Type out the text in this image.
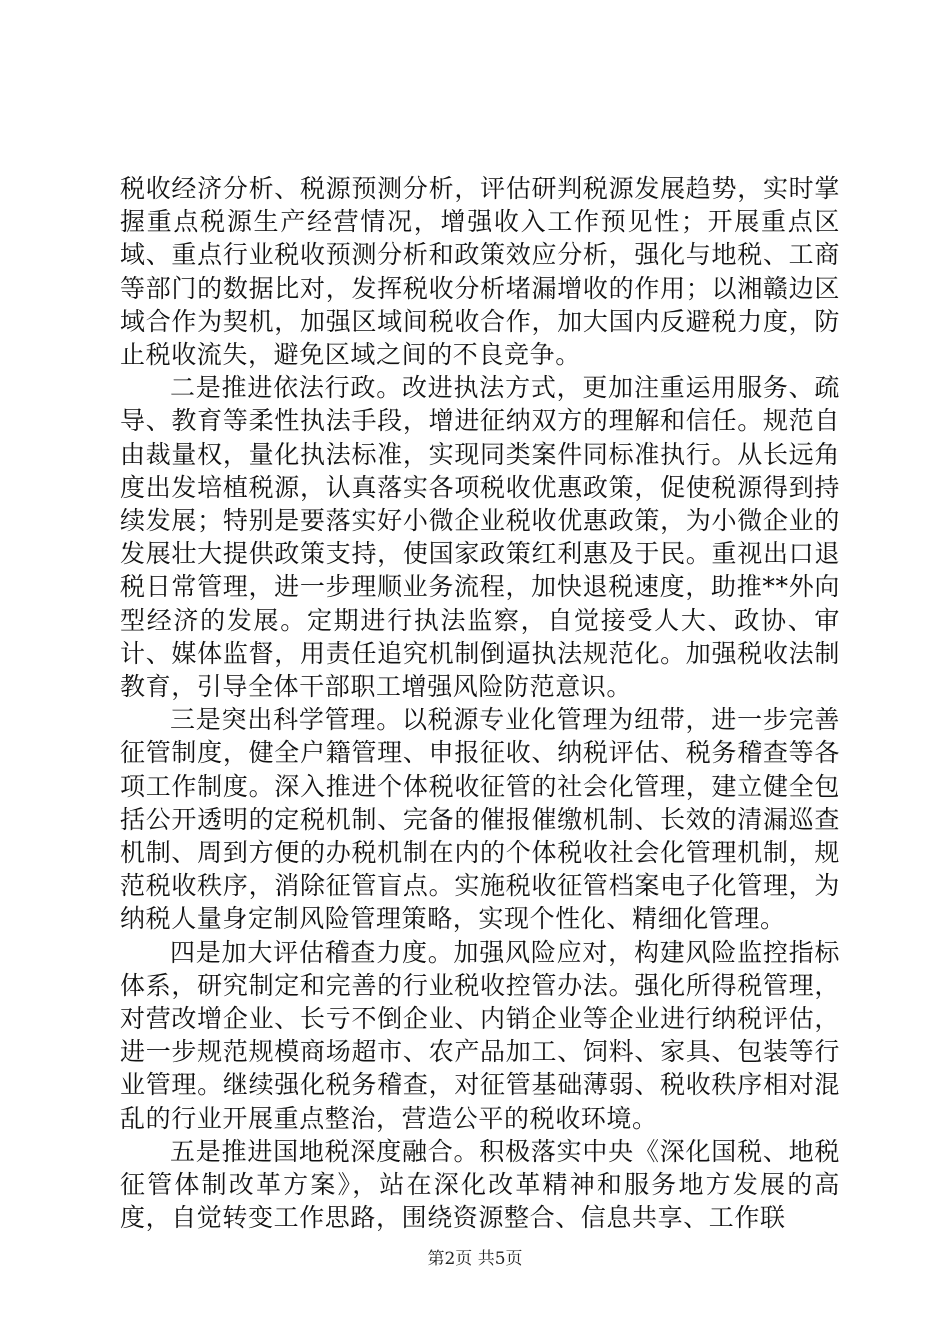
税收经济分析、税源预测分析，评估研判税源发展趋势，实时掌握重点税源生产经营情况，增强收入工作预见性；开展重点区域、重点行业税收预测分析和政策效应分析，强化与地税、工商等部门的数据比对，发挥税收分析堵漏增收的作用；以湘赣边区域合作为契机，加强区域间税收合作，加大国内反避税力度，防止税收流失，避免区域之间的不良竞争。

二是推进依法行政。改进执法方式，更加注重运用服务、疏导、教育等柔性执法手段，增进征纳双方的理解和信任。规范自由裁量权，量化执法标准，实现同类案件同标准执行。从长远角度出发培植税源，认真落实各项税收优惠政策，促使税源得到持续发展；特别是要落实好小微企业税收优惠政策，为小微企业的发展壮大提供政策支持，使国家政策红利惠及于民。重视出口退税日常管理，进一步理顺业务流程，加快退税速度，助推**外向型经济的发展。定期进行执法监察，自觉接受人大、政协、审计、媒体监督，用责任追究机制倒逼执法规范化。加强税收法制教育，引导全体干部职工增强风险防范意识。

三是突出科学管理。以税源专业化管理为纽带，进一步完善征管制度，健全户籍管理、申报征收、纳税评估、税务稽查等各项工作制度。深入推进个体税收征管的社会化管理，建立健全包括公开透明的定税机制、完备的催报催缴机制、长效的清漏巡查机制、周到方便的办税机制在内的个体税收社会化管理机制，规范税收秩序，消除征管盲点。实施税收征管档案电子化管理，为纳税人量身定制风险管理策略，实现个性化、精细化管理。

四是加大评估稽查力度。加强风险应对，构建风险监控指标体系，研究制定和完善的行业税收控管办法。强化所得税管理，对营改增企业、长亏不倒企业、内销企业等企业进行纳税评估，进一步规范规模商场超市、农产品加工、饲料、家具、包装等行业管理。继续强化税务稽查，对征管基础薄弱、税收秩序相对混乱的行业开展重点整治，营造公平的税收环境。

五是推进国地税深度融合。积极落实中央《深化国税、地税征管体制改革方案》，站在深化改革精神和服务地方发展的高度，自觉转变工作思路，围绕资源整合、信息共享、工作联

第2页 共5页
